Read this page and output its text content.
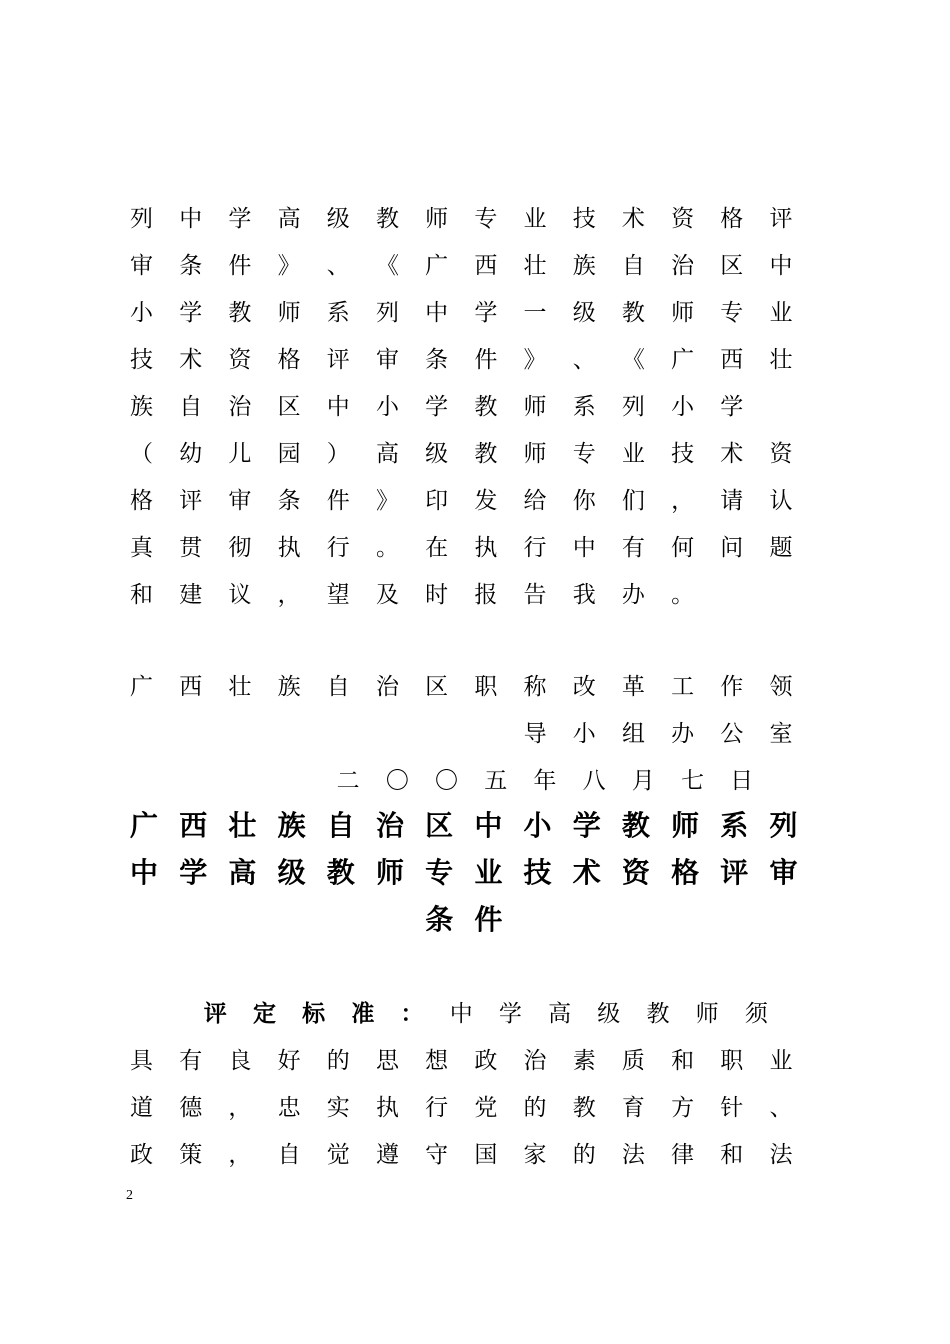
列 中 学 高 级 教 师 专 业 技 术 资 格 评
审 条 件 》 、 《 广 西 壮 族 自 治 区 中
小 学 教 师 系 列 中 学 一 级 教 师 专 业
技 术 资 格 评 审 条 件 》 、 《 广 西 壮
族 自 治 区 中 小 学 教 师 系 列 小 学
（ 幼 儿 园 ） 高 级 教 师 专 业 技 术 资
格 评 审 条 件 》 印 发 给 你 们 ， 请 认
真 贯 彻 执 行 。 在 执 行 中 有 何 问 题
和 建 议 ， 望 及 时 报 告 我 办 。
广 西 壮 族 自 治 区 职 称 改 革 工 作 领
导 小 组 办 公 室
二 〇 〇 五 年 八 月 七 日
广 西 壮 族 自 治 区 中 小 学 教 师 系 列
中 学 高 级 教 师 专 业 技 术 资 格 评 审
条 件
评 定 标 准 ： 中 学 高 级 教 师 须
具 有 良 好 的 思 想 政 治 素 质 和 职 业
道 德 ， 忠 实 执 行 党 的 教 育 方 针 、
政 策 ， 自 觉 遵 守 国 家 的 法 律 和 法
2
